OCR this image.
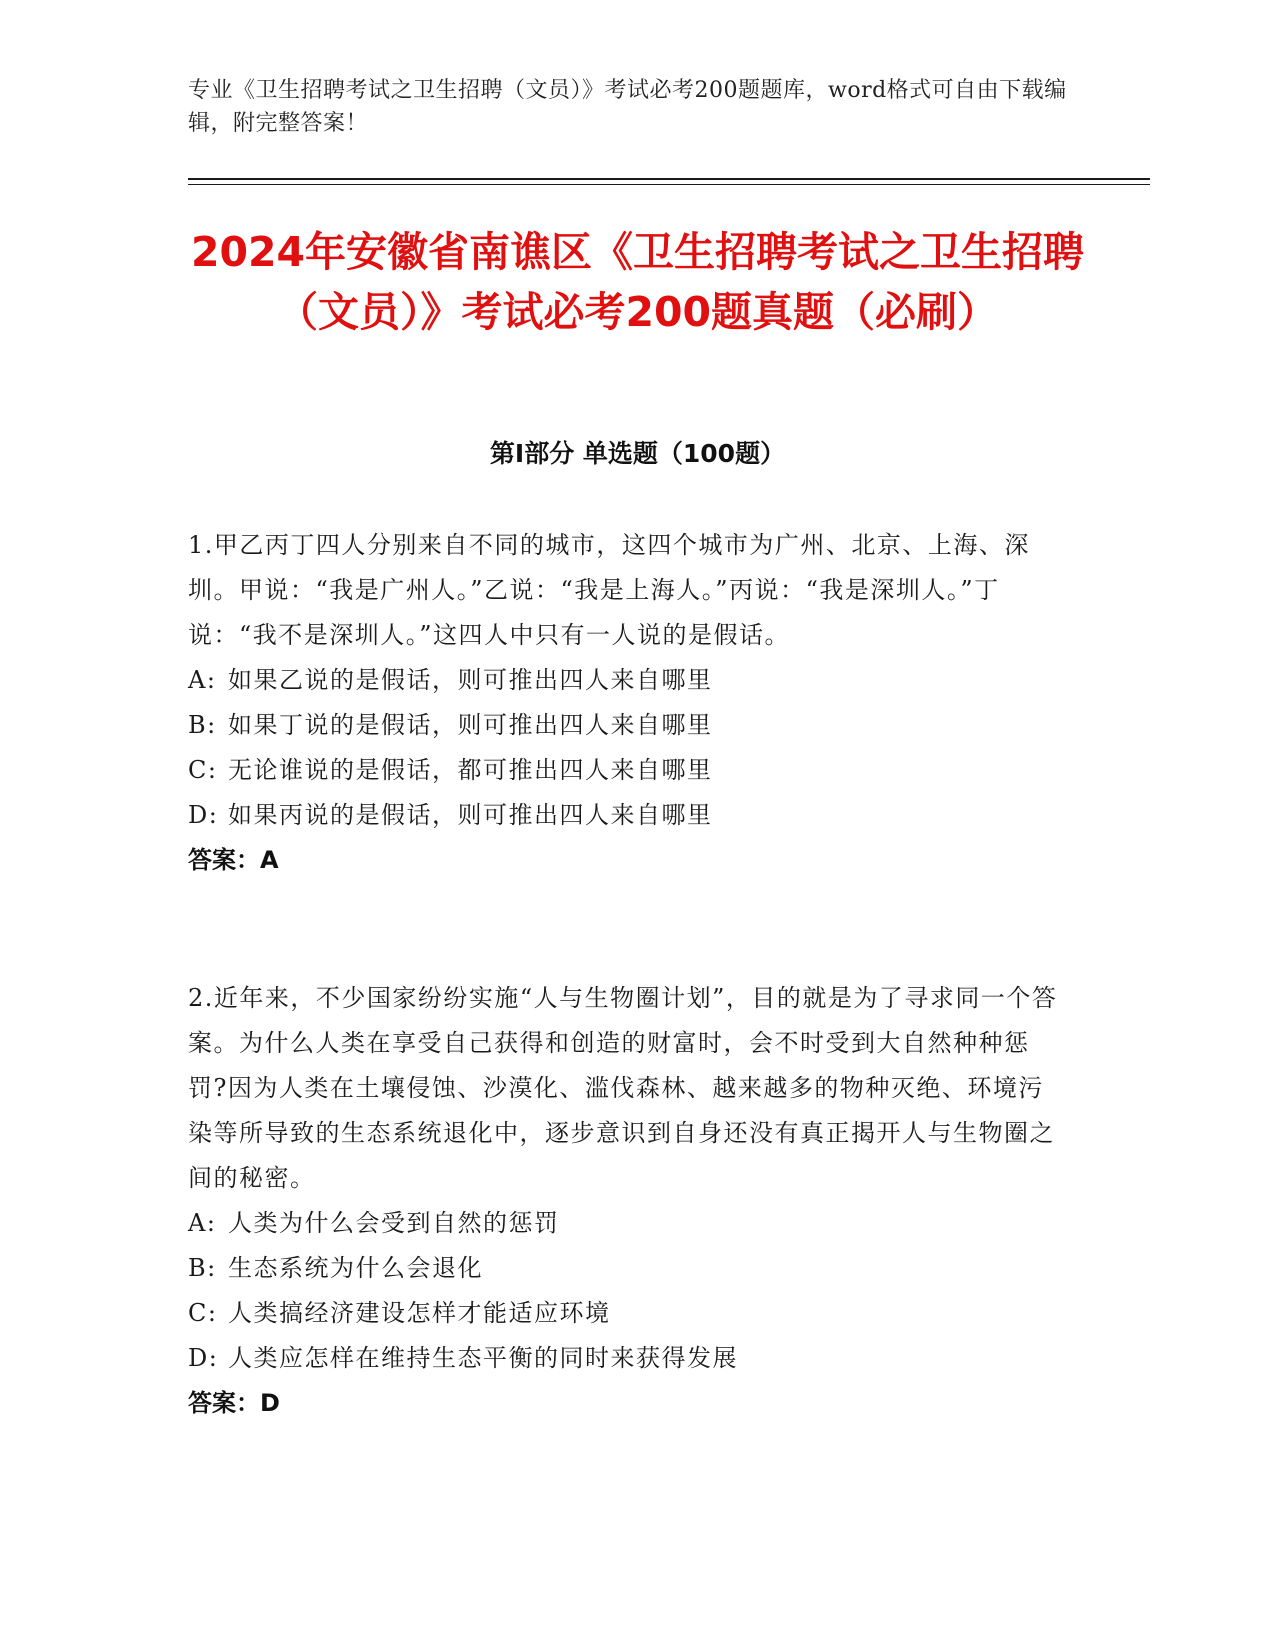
专业《卫生招聘考试之卫生招聘（文员）》考试必考200题题库，word格式可自由下载编辑，附完整答案！
2024年安徽省南谯区《卫生招聘考试之卫生招聘（文员）》考试必考200题真题（必刷）
第I部分 单选题（100题）
1.甲乙丙丁四人分别来自不同的城市，这四个城市为广州、北京、上海、深圳。甲说：“我是广州人。”乙说：“我是上海人。”丙说：“我是深圳人。”丁说：“我不是深圳人。”这四人中只有一人说的是假话。
A: 如果乙说的是假话，则可推出四人来自哪里
B: 如果丁说的是假话，则可推出四人来自哪里
C: 无论谁说的是假话，都可推出四人来自哪里
D: 如果丙说的是假话，则可推出四人来自哪里
答案：A
2.近年来，不少国家纷纷实施“人与生物圈计划”，目的就是为了寻求同一个答案。为什么人类在享受自己获得和创造的财富时，会不时受到大自然种种惩罚?因为人类在土壤侵蚀、沙漠化、滥伐森林、越来越多的物种灭绝、环境污染等所导致的生态系统退化中，逐步意识到自身还没有真正揭开人与生物圈之间的秘密。
A: 人类为什么会受到自然的惩罚
B: 生态系统为什么会退化
C: 人类搞经济建设怎样才能适应环境
D: 人类应怎样在维持生态平衡的同时来获得发展
答案：D
